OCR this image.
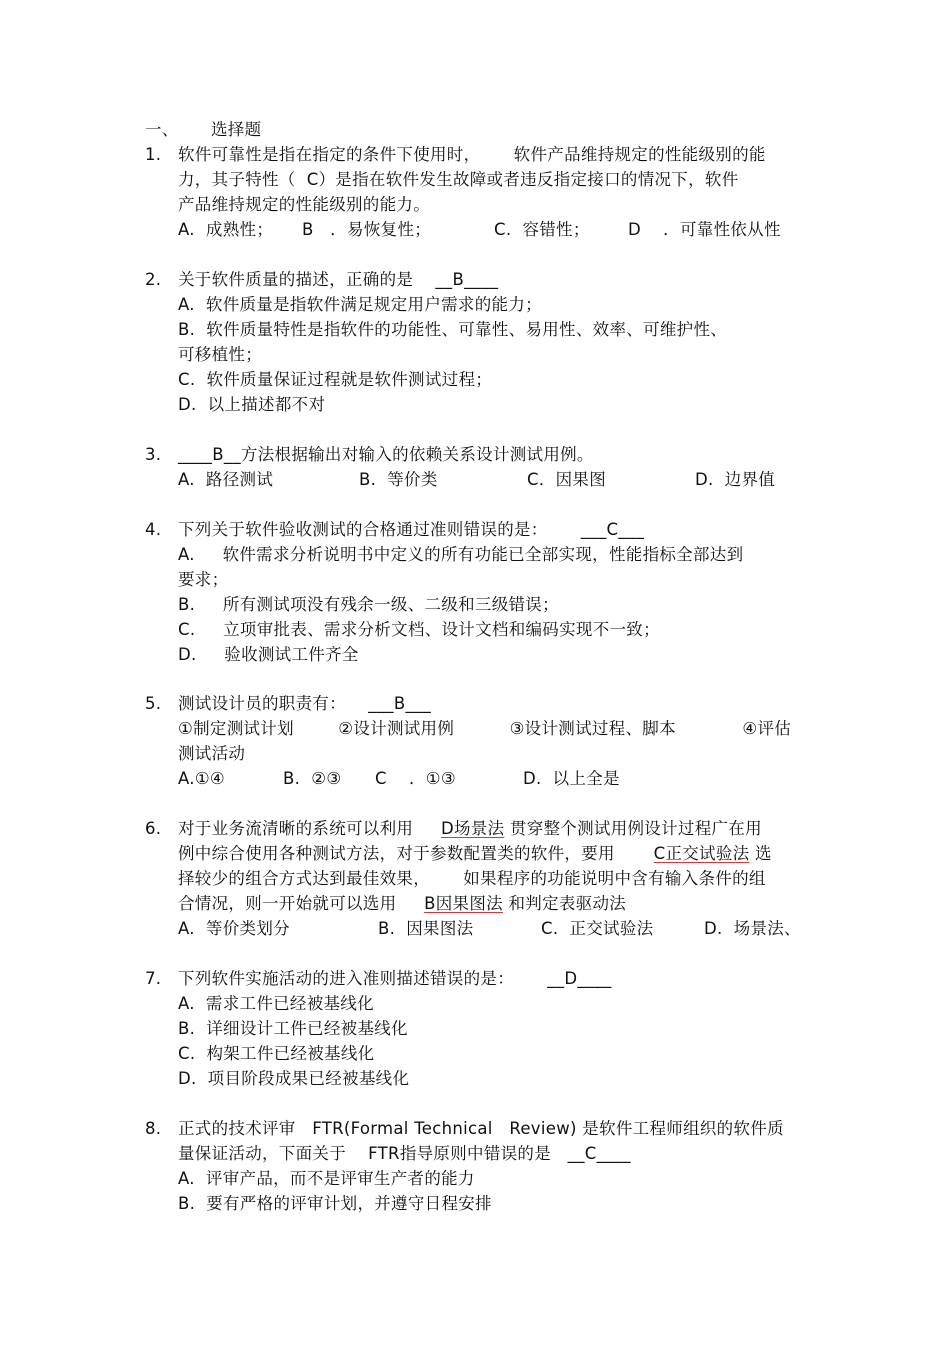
一、 选择题
1. 软件可靠性是指在指定的条件下使用时，      软件产品维持规定的性能级别的能
力，其子特性（  C）是指在软件发生故障或者违反指定接口的情况下，软件
产品维持规定的性能级别的能力。
A.  成熟性； B   ．易恢复性；	C.  容错性； D    ．可靠性依从性
2. 关于软件质量的描述，正确的是    __B____
A.  软件质量是指软件满足规定用户需求的能力；
B.  软件质量特性是指软件的功能性、可靠性、易用性、效率、可维护性、
可移植性；
C.  软件质量保证过程就是软件测试过程；
D.  以上描述都不对
3. ____B__方法根据输出对输入的依赖关系设计测试用例。
A.  路径测试	B.  等价类	C．因果图	D.  边界值
4. 下列关于软件验收测试的合格通过准则错误的是：      ___C___
A.     软件需求分析说明书中定义的所有功能已全部实现，性能指标全部达到
要求；
B.     所有测试项没有残余一级、二级和三级错误；
C.     立项审批表、需求分析文档、设计文档和编码实现不一致；
D.     验收测试工件齐全
5. 测试设计员的职责有：    ___B___
①制定测试计划        ②设计测试用例          ③设计测试过程、脚本            ④评估
测试活动
A.①④	B.  ②③ C    ．①③	D.  以上全是
6. 对于业务流清晰的系统可以利用     D场景法 贯穿整个测试用例设计过程广在用
例中综合使用各种测试方法，对于参数配置类的软件，要用       C正交试验法 选
择较少的组合方式达到最佳效果，      如果程序的功能说明中含有输入条件的组
合情况，则一开始就可以选用     B因果图法 和判定表驱动法
A.  等价类划分	B.  因果图法	C.  正交试验法	D.  场景法、
7. 下列软件实施活动的进入准则描述错误的是：      __D____
A.  需求工件已经被基线化
B.  详细设计工件已经被基线化
C.  构架工件已经被基线化
D.  项目阶段成果已经被基线化
8. 正式的技术评审   FTR(Formal Technical   Review) 是软件工程师组织的软件质
量保证活动，下面关于    FTR指导原则中错误的是   __C____
A.  评审产品，而不是评审生产者的能力
B.  要有严格的评审计划，并遵守日程安排
